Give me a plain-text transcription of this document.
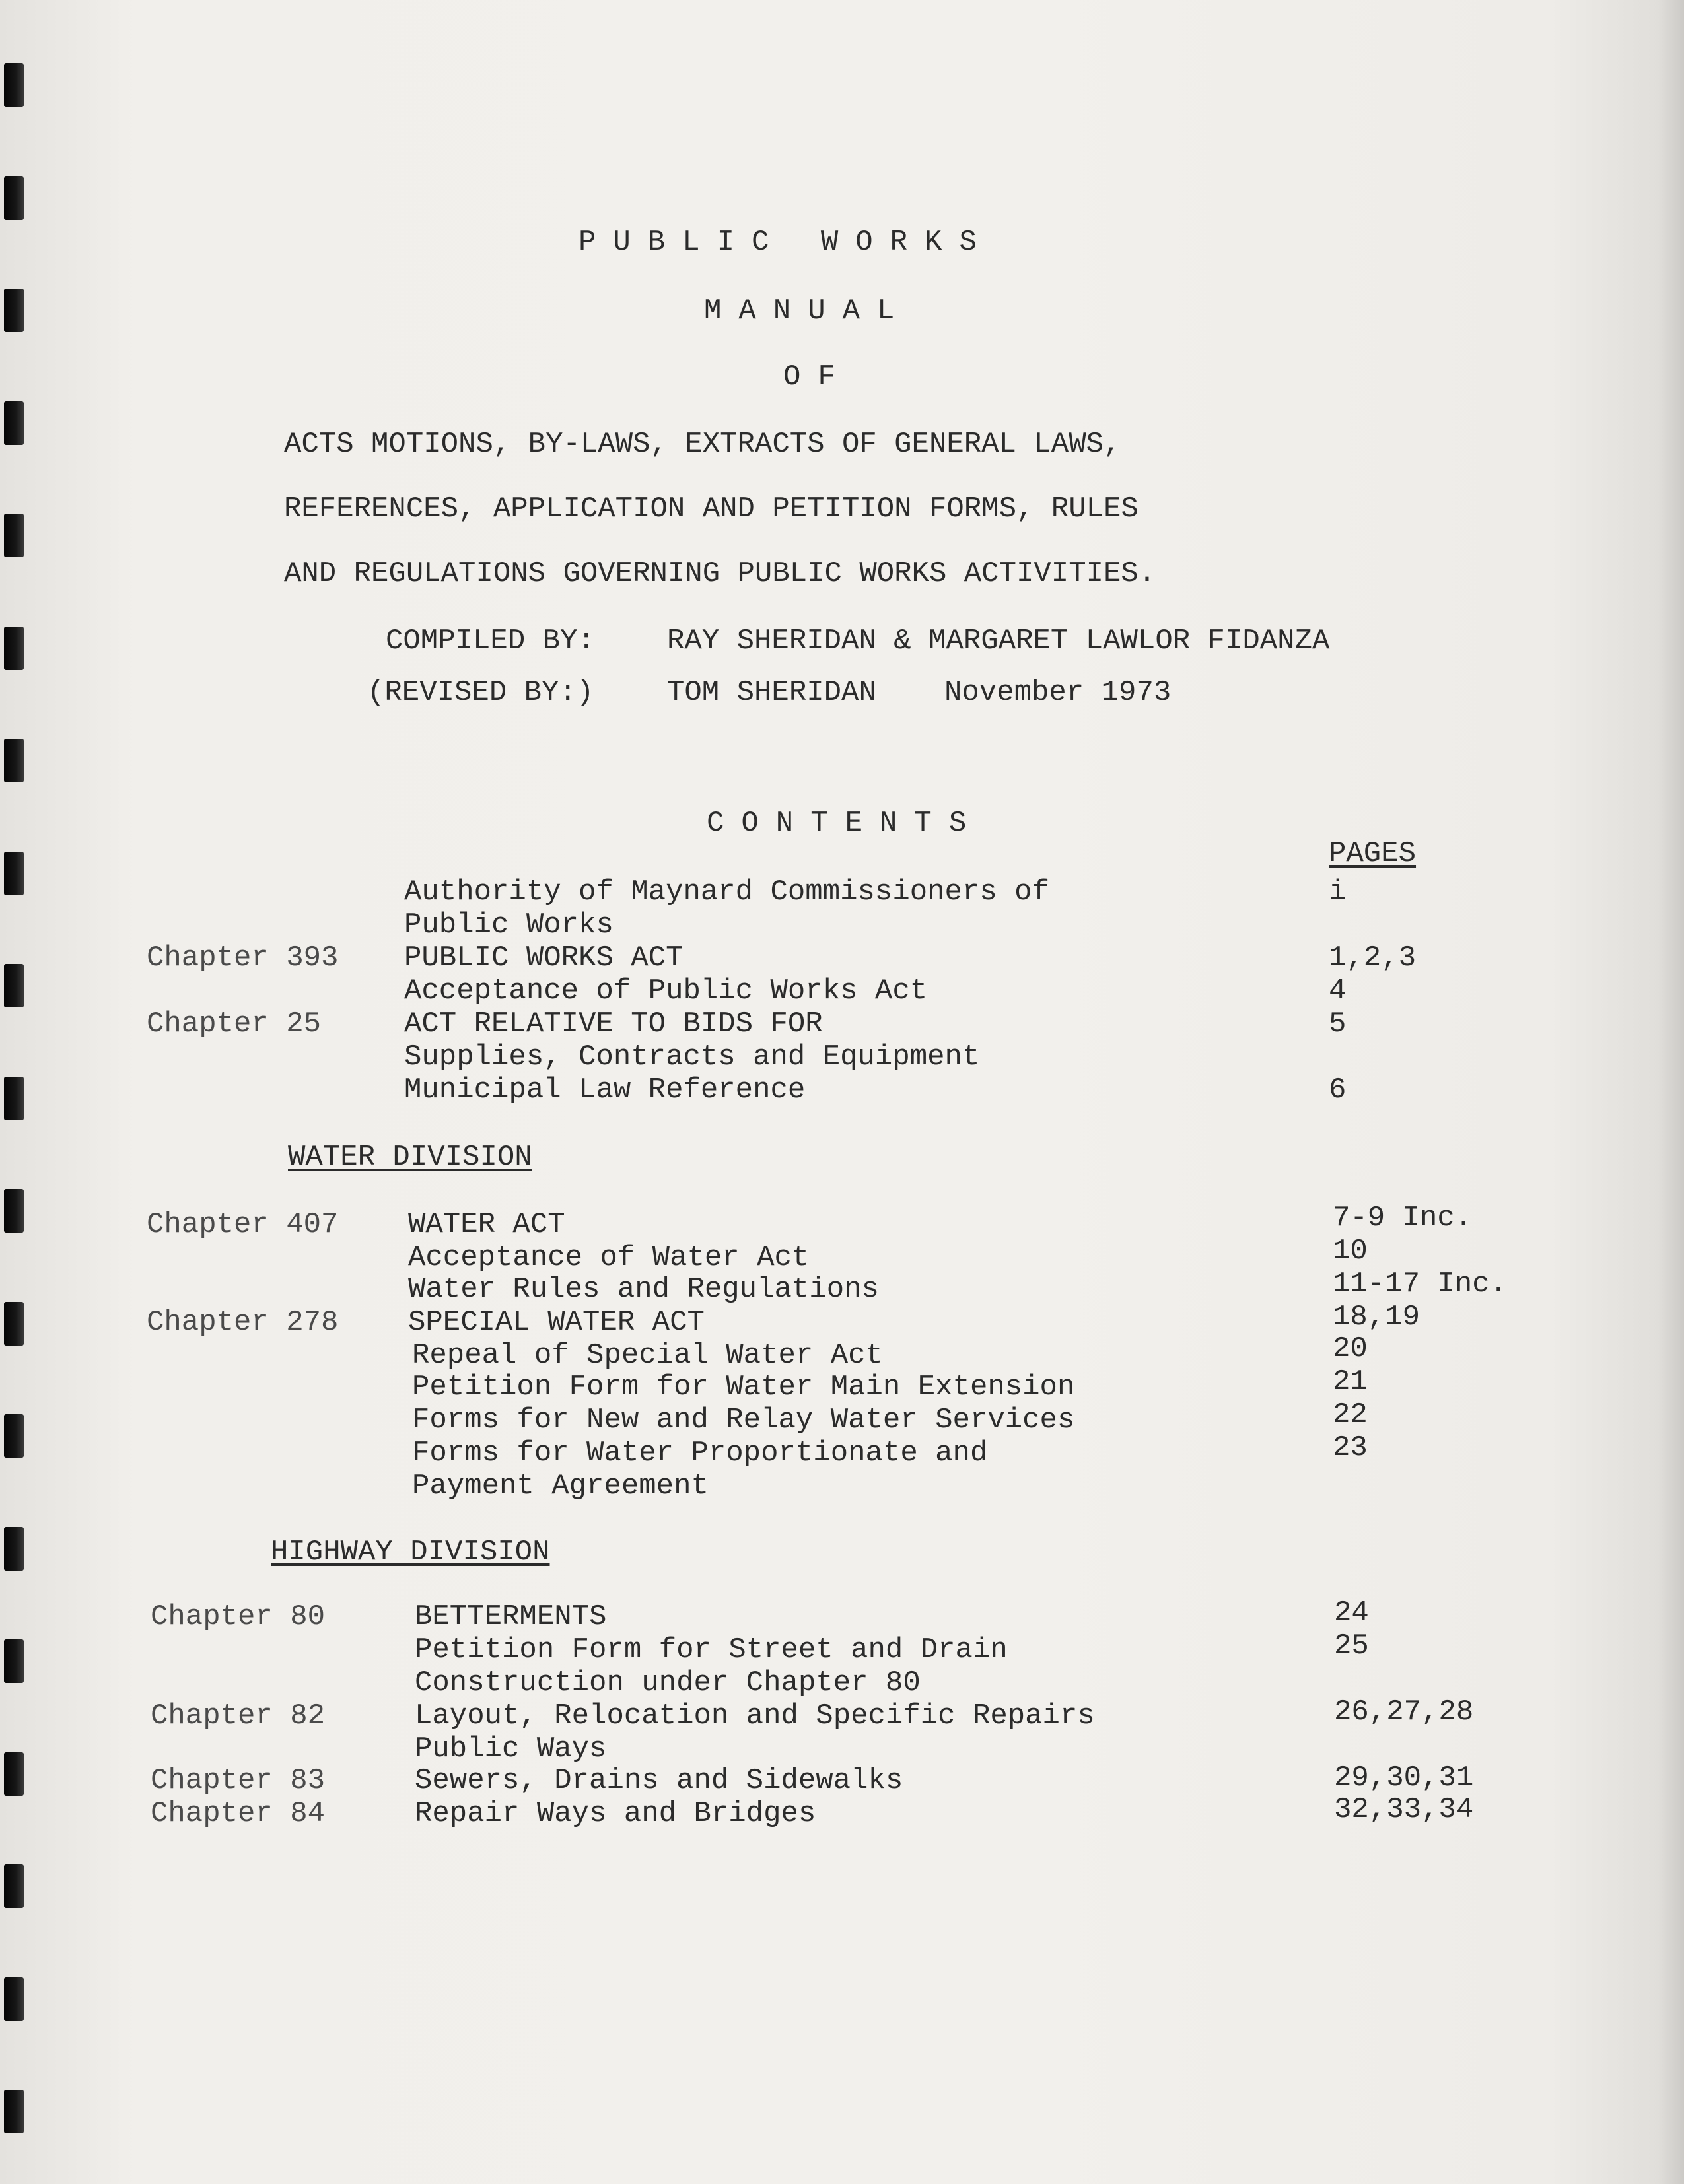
PUBLIC WORKS
MANUAL
OF
ACTS MOTIONS, BY-LAWS, EXTRACTS OF GENERAL LAWS,
REFERENCES, APPLICATION AND PETITION FORMS, RULES
AND REGULATIONS GOVERNING PUBLIC WORKS ACTIVITIES.
COMPILED BY: RAY SHERIDAN & MARGARET LAWLOR FIDANZA
(REVISED BY:)	TOM SHERIDAN November 1973
CONTENTS
PAGES
Chapter 393
Chapter 25
Authority of Maynard Commissioners of
Public Works
PUBLIC WORKS ACT
Acceptance of Public Works Act
ACT RELATIVE TO BIDS FOR
Supplies, Contracts and Equipment
Municipal Law Reference
i
1,2,3
4
5
6
WATER DIVISION
Chapter 407
Chapter 278
WATER ACT
Acceptance of Water Act
Water Rules and Regulations
SPECIAL WATER ACT
Repeal of Special Water Act
Petition Form for Water Main Extension
Forms for New and Relay Water Services
Forms for Water Proportionate and
Payment Agreement
7-9 Inc.
10
11-17 Inc.
18,19
20
21
22
23
HIGHWAY DIVISION
Chapter 80
Chapter 82
Chapter 83
Chapter 84
BETTERMENTS
Petition Form for Street and Drain
Construction under Chapter 80
Layout, Relocation and Specific Repairs
Public Ways
Sewers, Drains and Sidewalks
Repair Ways and Bridges
24
25
26,27,28
29,30,31
32,33,34
